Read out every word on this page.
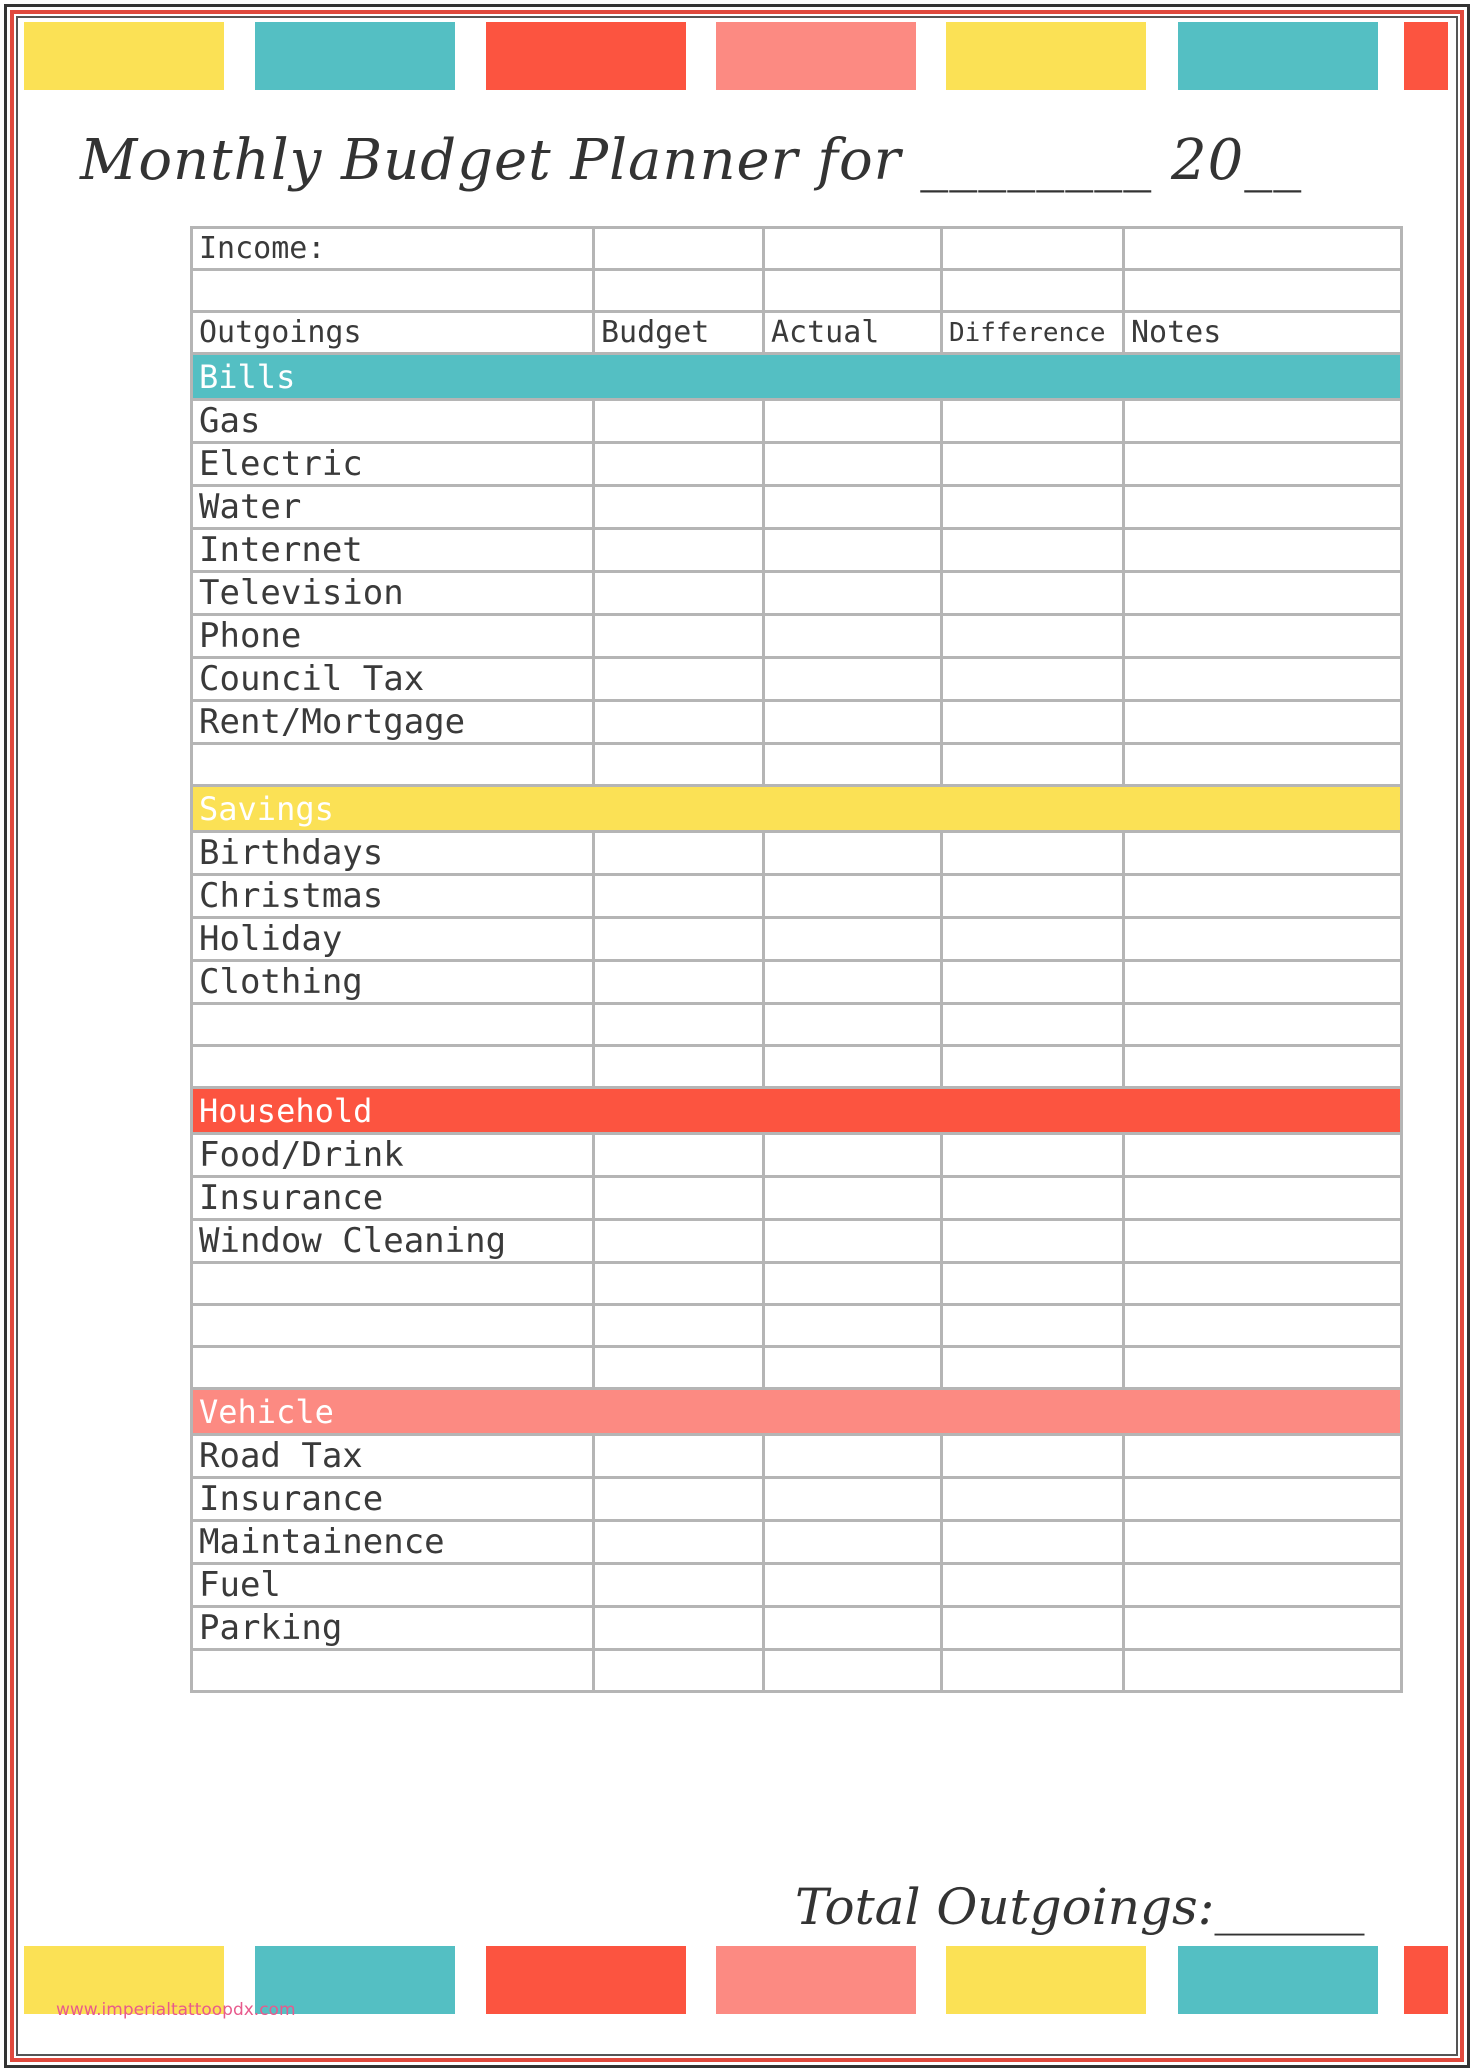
Monthly Budget Planner for ________ 20__
Income:				

Outgoings	Budget	Actual	Difference	Notes
Bills				
Gas				
Electric				
Water				
Internet				
Television				
Phone				
Council Tax				
Rent/Mortgage				

Savings				
Birthdays				
Christmas				
Holiday				
Clothing				

Household				
Food/Drink				
Insurance				
Window Cleaning				

Vehicle				
Road Tax				
Insurance				
Maintainence				
Fuel				
Parking				

Total Outgoings:______
www.imperialtattoopdx.com
